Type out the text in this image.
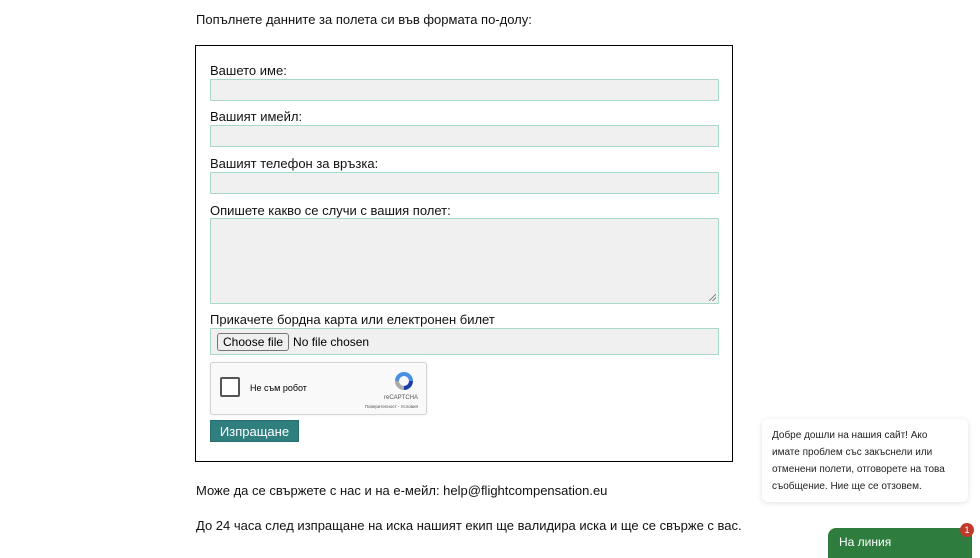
Попълнете данните за полета си във формата по-долу:
Вашето име:
Вашият имейл:
Вашият телефон за връзка:
Опишете какво се случи с вашия полет:
Прикачете бордна карта или електронен билет
Choose file No file chosen
Не съм робот
reCAPTCHA
Поверителност - Условия
Изпращане
Може да се свържете с нас и на е-мейл: help@flightcompensation.eu
До 24 часа след изпращане на иска нашият екип ще валидира иска и ще се свърже с вас.
Добре дошли на нашия сайт! Ако имате проблем със закъснели или отменени полети, отговорете на това съобщение. Ние ще се отзовем.
На линия
1
